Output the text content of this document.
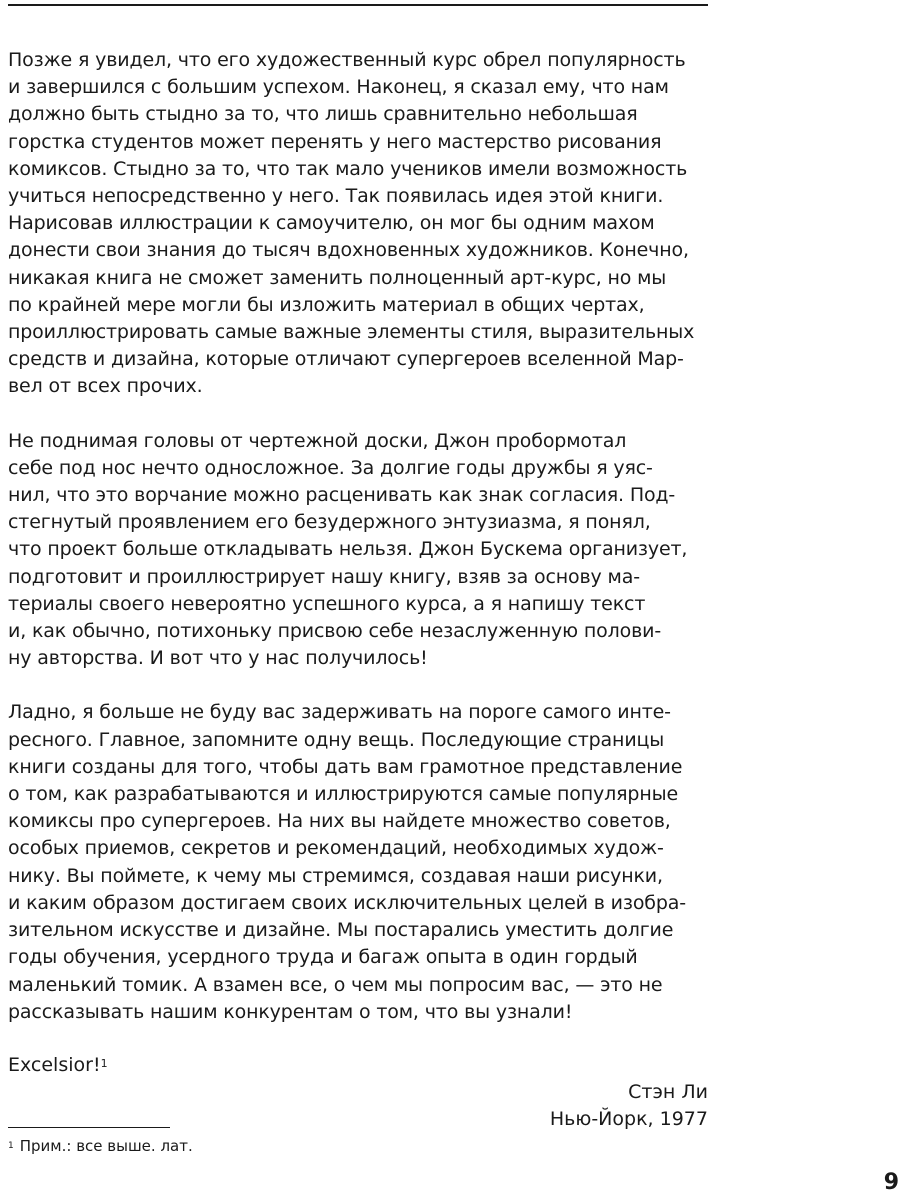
Позже я увидел, что его художественный курс обрел популярность
и завершился с большим успехом. Наконец, я сказал ему, что нам
должно быть стыдно за то, что лишь сравнительно небольшая
горстка студентов может перенять у него мастерство рисования
комиксов. Стыдно за то, что так мало учеников имели возможность
учиться непосредственно у него. Так появилась идея этой книги.
Нарисовав иллюстрации к самоучителю, он мог бы одним махом
донести свои знания до тысяч вдохновенных художников. Конечно,
никакая книга не сможет заменить полноценный арт-курс, но мы
по крайней мере могли бы изложить материал в общих чертах,
проиллюстрировать самые важные элементы стиля, выразительных
средств и дизайна, которые отличают супергероев вселенной Мар-
вел от всех прочих.

Не поднимая головы от чертежной доски, Джон пробормотал
себе под нос нечто односложное. За долгие годы дружбы я уяс-
нил, что это ворчание можно расценивать как знак согласия. Под-
стегнутый проявлением его безудержного энтузиазма, я понял,
что проект больше откладывать нельзя. Джон Бускема организует,
подготовит и проиллюстрирует нашу книгу, взяв за основу ма-
териалы своего невероятно успешного курса, а я напишу текст
и, как обычно, потихоньку присвою себе незаслуженную полови-
ну авторства. И вот что у нас получилось!

Ладно, я больше не буду вас задерживать на пороге самого инте-
ресного. Главное, запомните одну вещь. Последующие страницы
книги созданы для того, чтобы дать вам грамотное представление
о том, как разрабатываются и иллюстрируются самые популярные
комиксы про супергероев. На них вы найдете множество советов,
особых приемов, секретов и рекомендаций, необходимых худож-
нику. Вы поймете, к чему мы стремимся, создавая наши рисунки,
и каким образом достигаем своих исключительных целей в изобра-
зительном искусстве и дизайне. Мы постарались уместить долгие
годы обучения, усердного труда и багаж опыта в один гордый
маленький томик. А взамен все, о чем мы попросим вас, — это не
рассказывать нашим конкурентам о том, что вы узнали!

Excelsior!$^1$
Стэн Ли
Нью-Йорк, 1977
$^1$ Прим.: все выше. лат.
9
